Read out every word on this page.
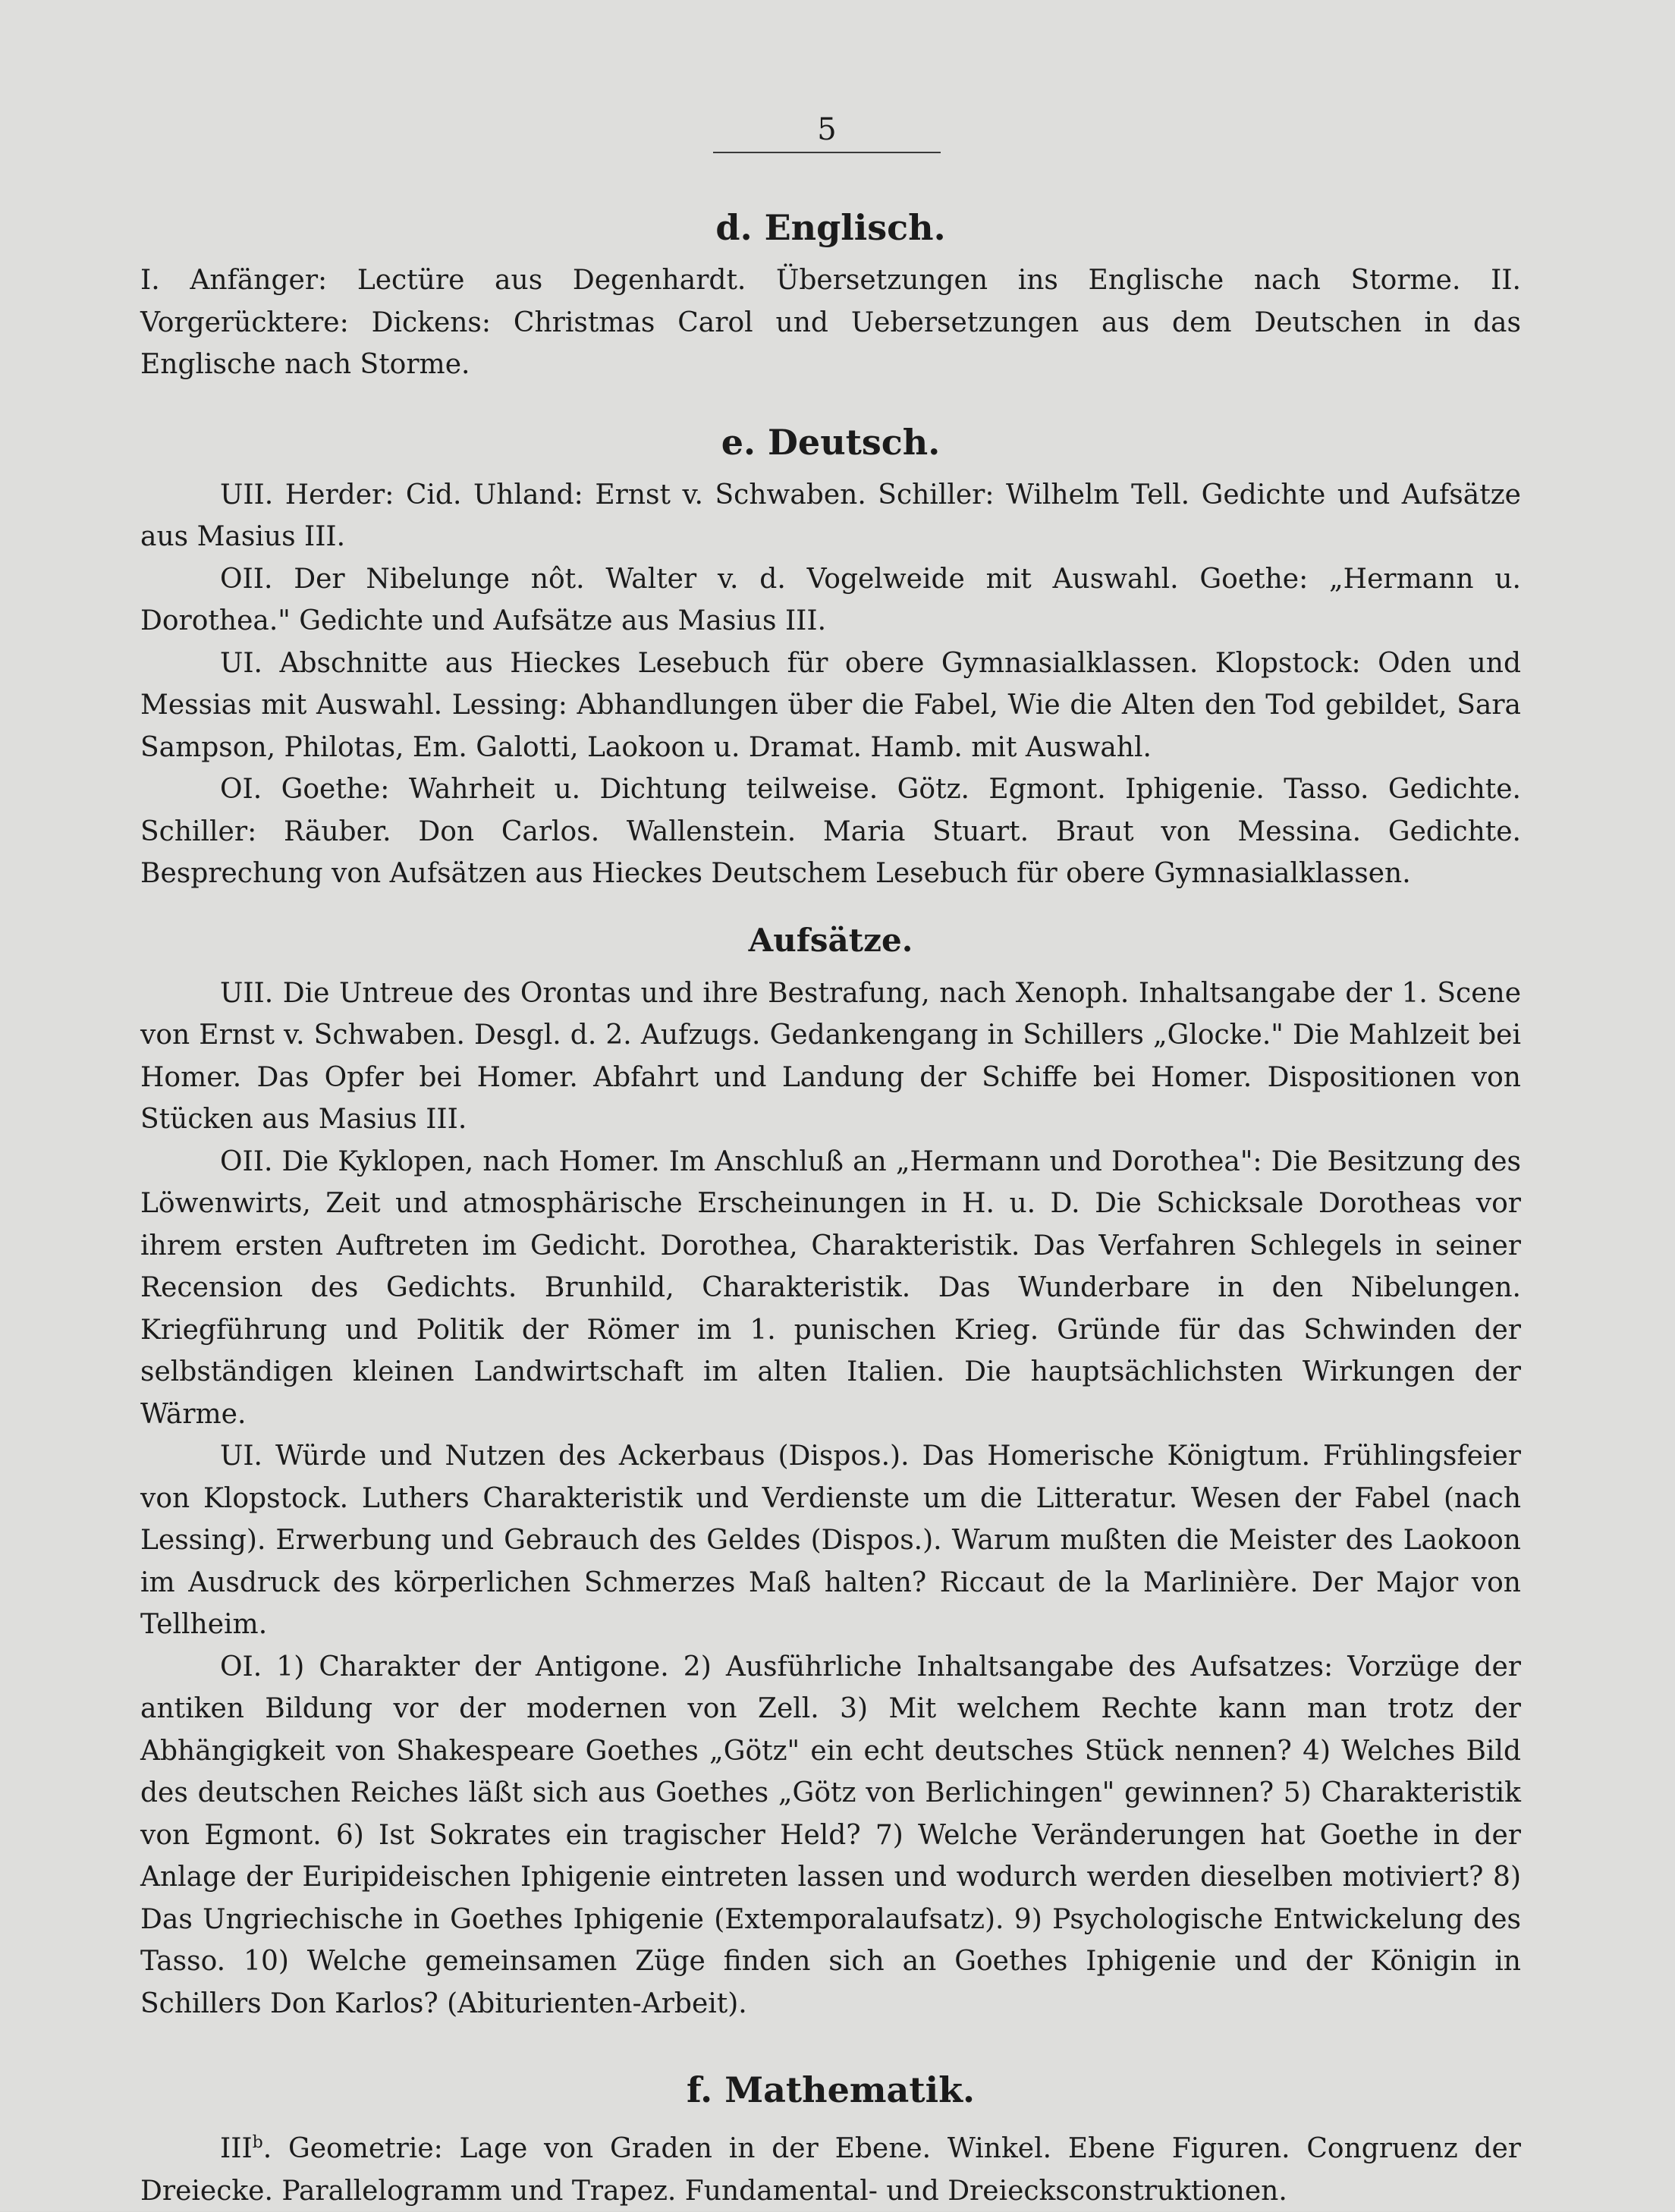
5
d. Englisch.

I. Anfänger: Lectüre aus Degenhardt. Übersetzungen ins Englische nach Storme. II. Vorgerücktere: Dickens: Christmas Carol und Uebersetzungen aus dem Deutschen in das Englische nach Storme.

e. Deutsch.

UII. Herder: Cid. Uhland: Ernst v. Schwaben. Schiller: Wilhelm Tell. Gedichte und Aufsätze aus Masius III.

OII. Der Nibelunge nôt. Walter v. d. Vogelweide mit Auswahl. Goethe: „Hermann u. Dorothea." Gedichte und Aufsätze aus Masius III.

UI. Abschnitte aus Hieckes Lesebuch für obere Gymnasialklassen. Klopstock: Oden und Messias mit Auswahl. Lessing: Abhandlungen über die Fabel, Wie die Alten den Tod gebildet, Sara Sampson, Philotas, Em. Galotti, Laokoon u. Dramat. Hamb. mit Auswahl.

OI. Goethe: Wahrheit u. Dichtung teilweise. Götz. Egmont. Iphigenie. Tasso. Gedichte. Schiller: Räuber. Don Carlos. Wallenstein. Maria Stuart. Braut von Messina. Gedichte. Besprechung von Aufsätzen aus Hieckes Deutschem Lesebuch für obere Gymnasialklassen.

Aufsätze.

UII. Die Untreue des Orontas und ihre Bestrafung, nach Xenoph. Inhaltsangabe der 1. Scene von Ernst v. Schwaben. Desgl. d. 2. Aufzugs. Gedankengang in Schillers „Glocke." Die Mahlzeit bei Homer. Das Opfer bei Homer. Abfahrt und Landung der Schiffe bei Homer. Dispositionen von Stücken aus Masius III.

OII. Die Kyklopen, nach Homer. Im Anschluß an „Hermann und Dorothea": Die Besitzung des Löwenwirts, Zeit und atmosphärische Erscheinungen in H. u. D. Die Schicksale Dorotheas vor ihrem ersten Auftreten im Gedicht. Dorothea, Charakteristik. Das Verfahren Schlegels in seiner Recension des Gedichts. Brunhild, Charakteristik. Das Wunderbare in den Nibelungen. Kriegführung und Politik der Römer im 1. punischen Krieg. Gründe für das Schwinden der selbständigen kleinen Landwirtschaft im alten Italien. Die hauptsächlichsten Wirkungen der Wärme.

UI. Würde und Nutzen des Ackerbaus (Dispos.). Das Homerische Königtum. Frühlingsfeier von Klopstock. Luthers Charakteristik und Verdienste um die Litteratur. Wesen der Fabel (nach Lessing). Erwerbung und Gebrauch des Geldes (Dispos.). Warum mußten die Meister des Laokoon im Ausdruck des körperlichen Schmerzes Maß halten? Riccaut de la Marlinière. Der Major von Tellheim.

OI. 1) Charakter der Antigone. 2) Ausführliche Inhaltsangabe des Aufsatzes: Vorzüge der antiken Bildung vor der modernen von Zell. 3) Mit welchem Rechte kann man trotz der Abhängigkeit von Shakespeare Goethes „Götz" ein echt deutsches Stück nennen? 4) Welches Bild des deutschen Reiches läßt sich aus Goethes „Götz von Berlichingen" gewinnen? 5) Charakteristik von Egmont. 6) Ist Sokrates ein tragischer Held? 7) Welche Veränderungen hat Goethe in der Anlage der Euripideischen Iphigenie eintreten lassen und wodurch werden dieselben motiviert? 8) Das Ungriechische in Goethes Iphigenie (Extemporalaufsatz). 9) Psychologische Entwickelung des Tasso. 10) Welche gemeinsamen Züge finden sich an Goethes Iphigenie und der Königin in Schillers Don Karlos? (Abiturienten-Arbeit).

f. Mathematik.

III$^b$. Geometrie: Lage von Graden in der Ebene. Winkel. Ebene Figuren. Congruenz der Dreiecke. Parallelogramm und Trapez. Fundamental- und Dreiecksconstruktionen.
